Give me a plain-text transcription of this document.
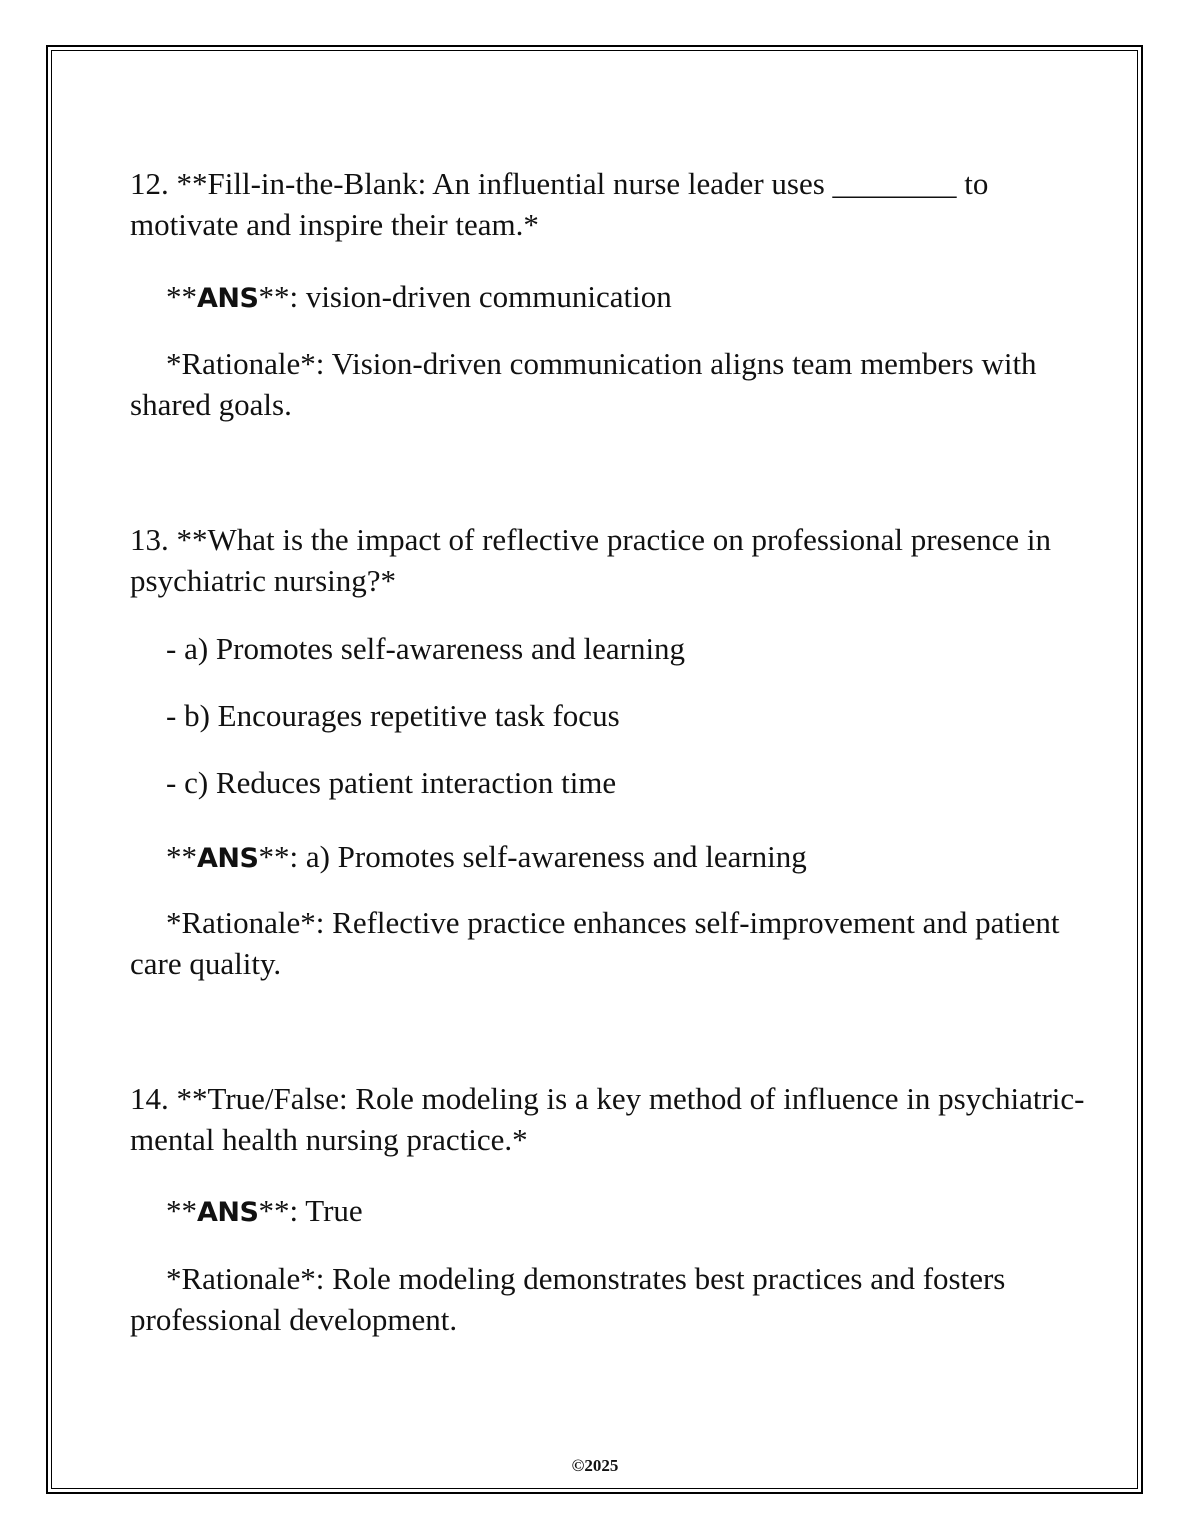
12. **Fill-in-the-Blank: An influential nurse leader uses ________ to motivate and inspire their team.*

**ANS**: vision-driven communication

*Rationale*: Vision-driven communication aligns team members with shared goals.

13. **What is the impact of reflective practice on professional presence in psychiatric nursing?*

- a) Promotes self-awareness and learning

- b) Encourages repetitive task focus

- c) Reduces patient interaction time

**ANS**: a) Promotes self-awareness and learning

*Rationale*: Reflective practice enhances self-improvement and patient care quality.

14. **True/False: Role modeling is a key method of influence in psychiatric-mental health nursing practice.*

**ANS**: True

*Rationale*: Role modeling demonstrates best practices and fosters professional development.

©2025
